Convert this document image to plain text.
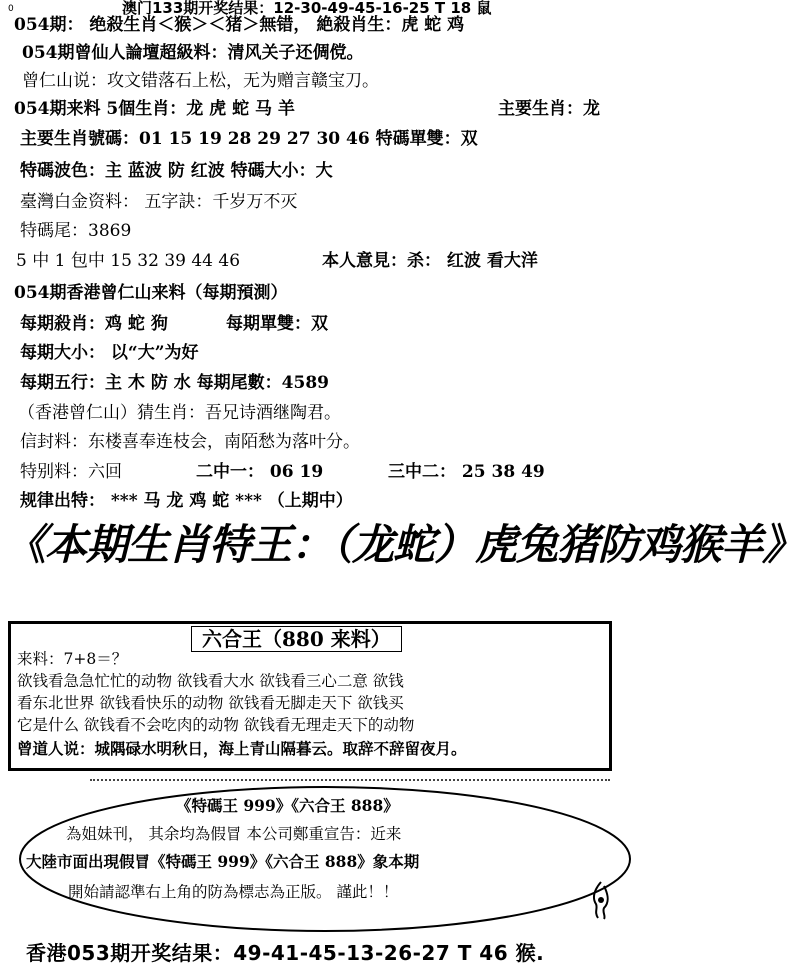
0	澳门133期开奖结果：12-30-49-45-16-25 T 18 鼠
054期： 绝殺生肖＜猴＞＜猪＞無错， 絶殺肖生：虎 蛇 鸡
054期曾仙人論壇超級料：清风关子还倜傥。
曾仁山说：攻文错落石上松，无为赠言赣宝刀。
054期来料 5個生肖：龙 虎 蛇 马 羊	主要生肖：龙
主要生肖號碼：01 15 19 28 29 27 30 46 特碼單雙：双
特碼波色：主 蓝波 防 红波 特碼大小：大
臺灣白金资料： 五字訣：千岁万不灭
特碼尾：3869
5 中 1 包中 15 32 39 44 46	本人意見：杀： 红波 看大洋
054期香港曾仁山来料（每期預測）
每期殺肖：鸡 蛇 狗	每期單雙：双
每期大小： 以“大”为好
每期五行：主 木 防 水 每期尾數：4589
（香港曾仁山）猜生肖：吾兄诗酒继陶君。
信封料：东楼喜奉连枝会，南陌愁为落叶分。
特别料：六回	二中一： 06 19	三中二： 25 38 49
规律出特： *** 马 龙 鸡 蛇 *** （上期中）
《本期生肖特王：（龙蛇）虎兔猪防鸡猴羊》
六合王（880 来料）
来料：7+8＝？
欲钱看急急忙忙的动物 欲钱看大水 欲钱看三心二意 欲钱
看东北世界 欲钱看快乐的动物 欲钱看无脚走天下 欲钱买
它是什么 欲钱看不会吃肉的动物 欲钱看无理走天下的动物
曾道人说：城隅碌水明秋日，海上青山隔暮云。取辞不辞留夜月。
《特碼王 999》《六合王 888》
為姐妹刊， 其余均為假冒 本公司鄭重宣告：近来
大陸市面出現假冒《特碼王 999》《六合王 888》象本期
開始請認準右上角的防為標志為正版。 謹此！！
香港053期开奖结果：49-41-45-13-26-27 T 46 猴.
